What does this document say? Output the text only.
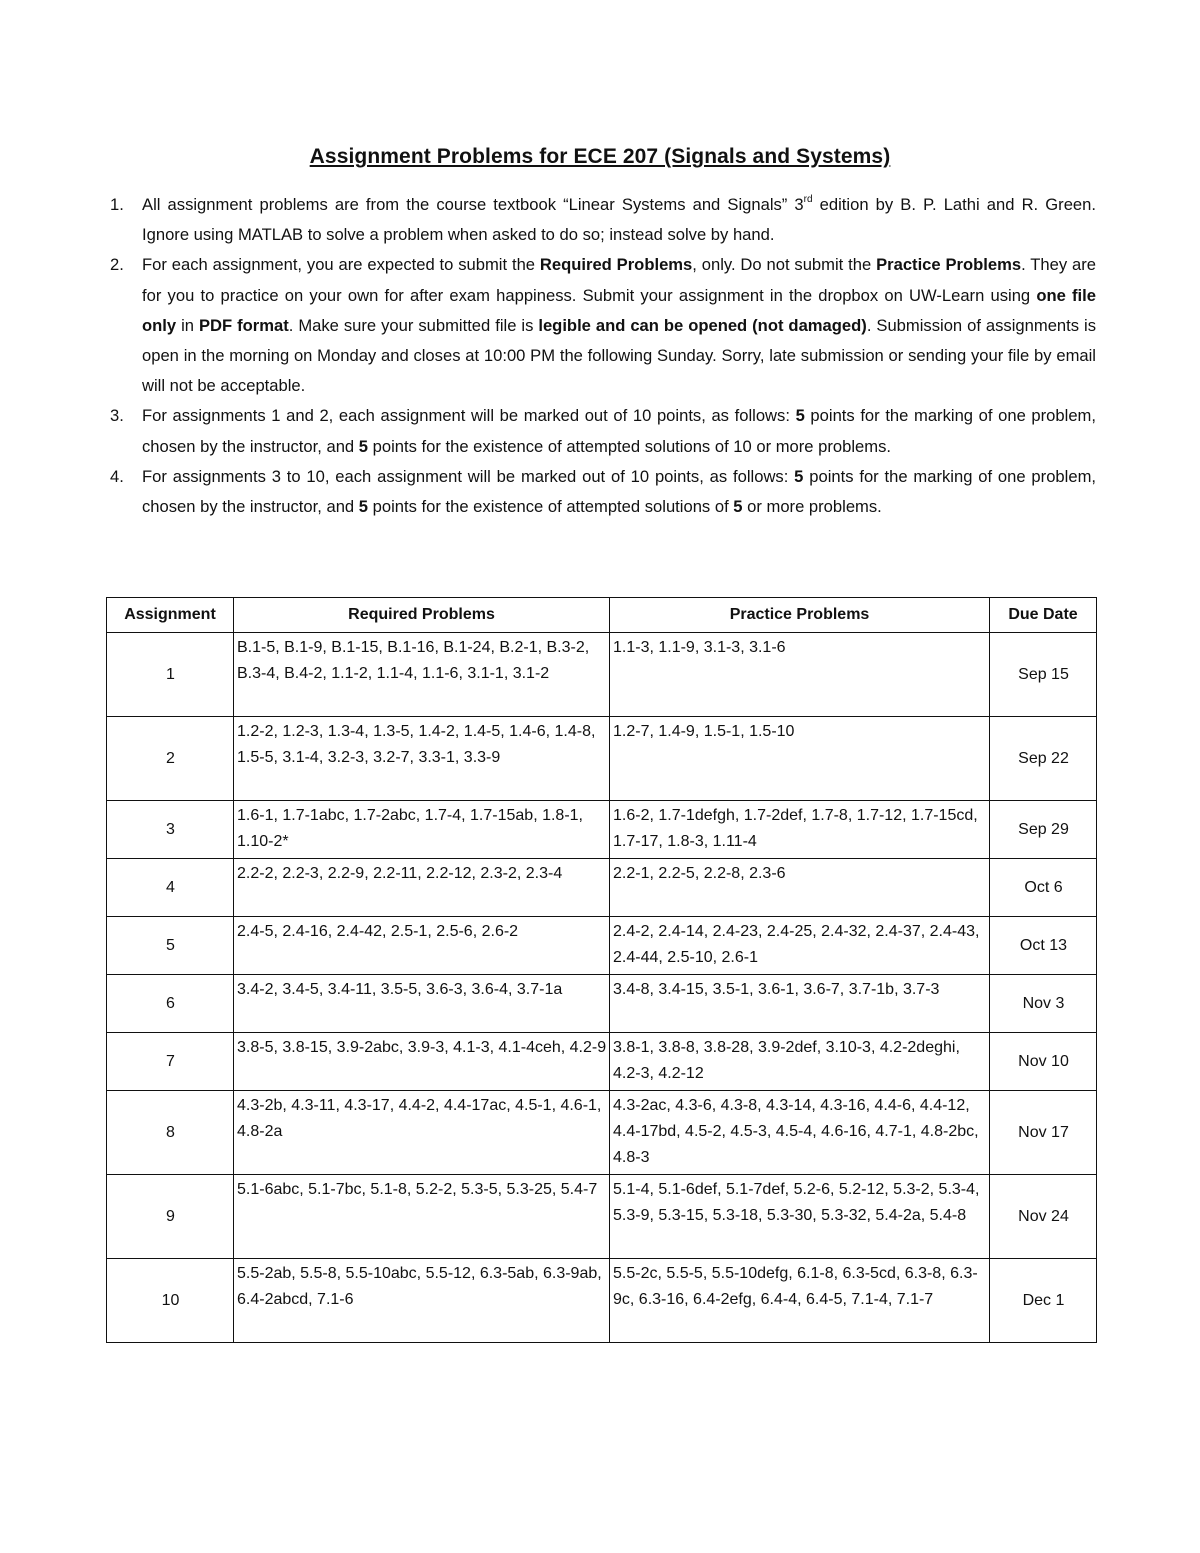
Assignment Problems for ECE 207 (Signals and Systems)
1. All assignment problems are from the course textbook “Linear Systems and Signals” 3rd edition by B. P. Lathi and R. Green. Ignore using MATLAB to solve a problem when asked to do so; instead solve by hand.
2. For each assignment, you are expected to submit the Required Problems, only. Do not submit the Practice Problems. They are for you to practice on your own for after exam happiness. Submit your assignment in the dropbox on UW-Learn using one file only in PDF format. Make sure your submitted file is legible and can be opened (not damaged). Submission of assignments is open in the morning on Monday and closes at 10:00 PM the following Sunday. Sorry, late submission or sending your file by email will not be acceptable.
3. For assignments 1 and 2, each assignment will be marked out of 10 points, as follows: 5 points for the marking of one problem, chosen by the instructor, and 5 points for the existence of attempted solutions of 10 or more problems.
4. For assignments 3 to 10, each assignment will be marked out of 10 points, as follows: 5 points for the marking of one problem, chosen by the instructor, and 5 points for the existence of attempted solutions of 5 or more problems.
Assignment	Required Problems	Practice Problems	Due Date
1	B.1-5, B.1-9, B.1-15, B.1-16, B.1-24, B.2-1, B.3-2, B.3-4, B.4-2, 1.1-2, 1.1-4, 1.1-6, 3.1-1, 3.1-2	1.1-3, 1.1-9, 3.1-3, 3.1-6	Sep 15
2	1.2-2, 1.2-3, 1.3-4, 1.3-5, 1.4-2, 1.4-5, 1.4-6, 1.4-8, 1.5-5, 3.1-4, 3.2-3, 3.2-7, 3.3-1, 3.3-9	1.2-7, 1.4-9, 1.5-1, 1.5-10	Sep 22
3	1.6-1, 1.7-1abc, 1.7-2abc, 1.7-4, 1.7-15ab, 1.8-1, 1.10-2*	1.6-2, 1.7-1defgh, 1.7-2def, 1.7-8, 1.7-12, 1.7-15cd, 1.7-17, 1.8-3, 1.11-4	Sep 29
4	2.2-2, 2.2-3, 2.2-9, 2.2-11, 2.2-12, 2.3-2, 2.3-4	2.2-1, 2.2-5, 2.2-8, 2.3-6	Oct 6
5	2.4-5, 2.4-16, 2.4-42, 2.5-1, 2.5-6, 2.6-2	2.4-2, 2.4-14, 2.4-23, 2.4-25, 2.4-32, 2.4-37, 2.4-43, 2.4-44, 2.5-10, 2.6-1	Oct 13
6	3.4-2, 3.4-5, 3.4-11, 3.5-5, 3.6-3, 3.6-4, 3.7-1a	3.4-8, 3.4-15, 3.5-1, 3.6-1, 3.6-7, 3.7-1b, 3.7-3	Nov 3
7	3.8-5, 3.8-15, 3.9-2abc, 3.9-3, 4.1-3, 4.1-4ceh, 4.2-9	3.8-1, 3.8-8, 3.8-28, 3.9-2def, 3.10-3, 4.2-2deghi, 4.2-3, 4.2-12	Nov 10
8	4.3-2b, 4.3-11, 4.3-17, 4.4-2, 4.4-17ac, 4.5-1, 4.6-1, 4.8-2a	4.3-2ac, 4.3-6, 4.3-8, 4.3-14, 4.3-16, 4.4-6, 4.4-12, 4.4-17bd, 4.5-2, 4.5-3, 4.5-4, 4.6-16, 4.7-1, 4.8-2bc, 4.8-3	Nov 17
9	5.1-6abc, 5.1-7bc, 5.1-8, 5.2-2, 5.3-5, 5.3-25, 5.4-7	5.1-4, 5.1-6def, 5.1-7def, 5.2-6, 5.2-12, 5.3-2, 5.3-4, 5.3-9, 5.3-15, 5.3-18, 5.3-30, 5.3-32, 5.4-2a, 5.4-8	Nov 24
10	5.5-2ab, 5.5-8, 5.5-10abc, 5.5-12, 6.3-5ab, 6.3-9ab, 6.4-2abcd, 7.1-6	5.5-2c, 5.5-5, 5.5-10defg, 6.1-8, 6.3-5cd, 6.3-8, 6.3-9c, 6.3-16, 6.4-2efg, 6.4-4, 6.4-5, 7.1-4, 7.1-7	Dec 1
